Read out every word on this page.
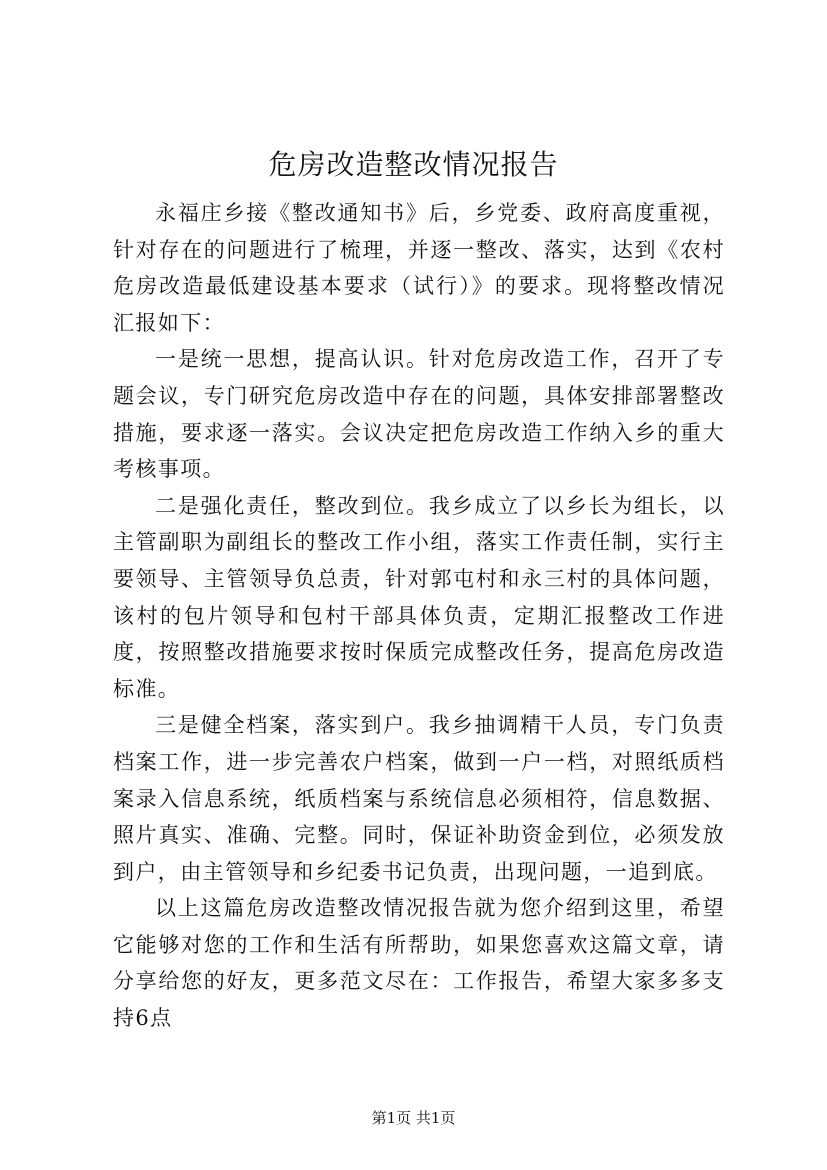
危房改造整改情况报告

永福庄乡接《整改通知书》后，乡党委、政府高度重视，针对存在的问题进行了梳理，并逐一整改、落实，达到《农村危房改造最低建设基本要求（试行）》的要求。现将整改情况汇报如下：

一是统一思想，提高认识。针对危房改造工作，召开了专题会议，专门研究危房改造中存在的问题，具体安排部署整改措施，要求逐一落实。会议决定把危房改造工作纳入乡的重大考核事项。

二是强化责任，整改到位。我乡成立了以乡长为组长，以主管副职为副组长的整改工作小组，落实工作责任制，实行主要领导、主管领导负总责，针对郭屯村和永三村的具体问题，该村的包片领导和包村干部具体负责，定期汇报整改工作进度，按照整改措施要求按时保质完成整改任务，提高危房改造标准。

三是健全档案，落实到户。我乡抽调精干人员，专门负责档案工作，进一步完善农户档案，做到一户一档，对照纸质档案录入信息系统，纸质档案与系统信息必须相符，信息数据、照片真实、准确、完整。同时，保证补助资金到位，必须发放到户，由主管领导和乡纪委书记负责，出现问题，一追到底。

以上这篇危房改造整改情况报告就为您介绍到这里，希望它能够对您的工作和生活有所帮助，如果您喜欢这篇文章，请分享给您的好友，更多范文尽在：工作报告，希望大家多多支持6点

第1页 共1页
